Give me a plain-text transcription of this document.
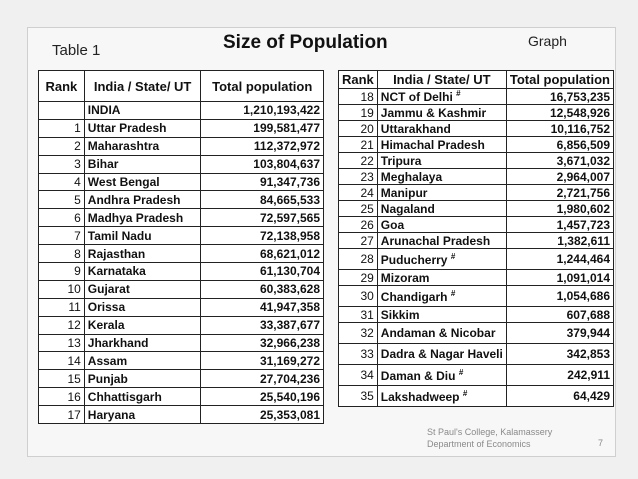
Table 1	Size of Population	Graph
Rank	India / State/ UT	Total population
	INDIA	1,210,193,422
1	Uttar Pradesh	199,581,477
2	Maharashtra	112,372,972
3	Bihar	103,804,637
4	West Bengal	91,347,736
5	Andhra Pradesh	84,665,533
6	Madhya Pradesh	72,597,565
7	Tamil Nadu	72,138,958
8	Rajasthan	68,621,012
9	Karnataka	61,130,704
10	Gujarat	60,383,628
11	Orissa	41,947,358
12	Kerala	33,387,677
13	Jharkhand	32,966,238
14	Assam	31,169,272
15	Punjab	27,704,236
16	Chhattisgarh	25,540,196
17	Haryana	25,353,081
Rank	India / State/ UT	Total population
18	NCT of Delhi #	16,753,235
19	Jammu & Kashmir	12,548,926
20	Uttarakhand	10,116,752
21	Himachal Pradesh	6,856,509
22	Tripura	3,671,032
23	Meghalaya	2,964,007
24	Manipur	2,721,756
25	Nagaland	1,980,602
26	Goa	1,457,723
27	Arunachal Pradesh	1,382,611
28	Puducherry #	1,244,464
29	Mizoram	1,091,014
30	Chandigarh #	1,054,686
31	Sikkim	607,688
32	Andaman & Nicobar	379,944
33	Dadra & Nagar Haveli	342,853
34	Daman & Diu #	242,911
35	Lakshadweep #	64,429
St Paul's College, Kalamassery
Department of Economics	7
